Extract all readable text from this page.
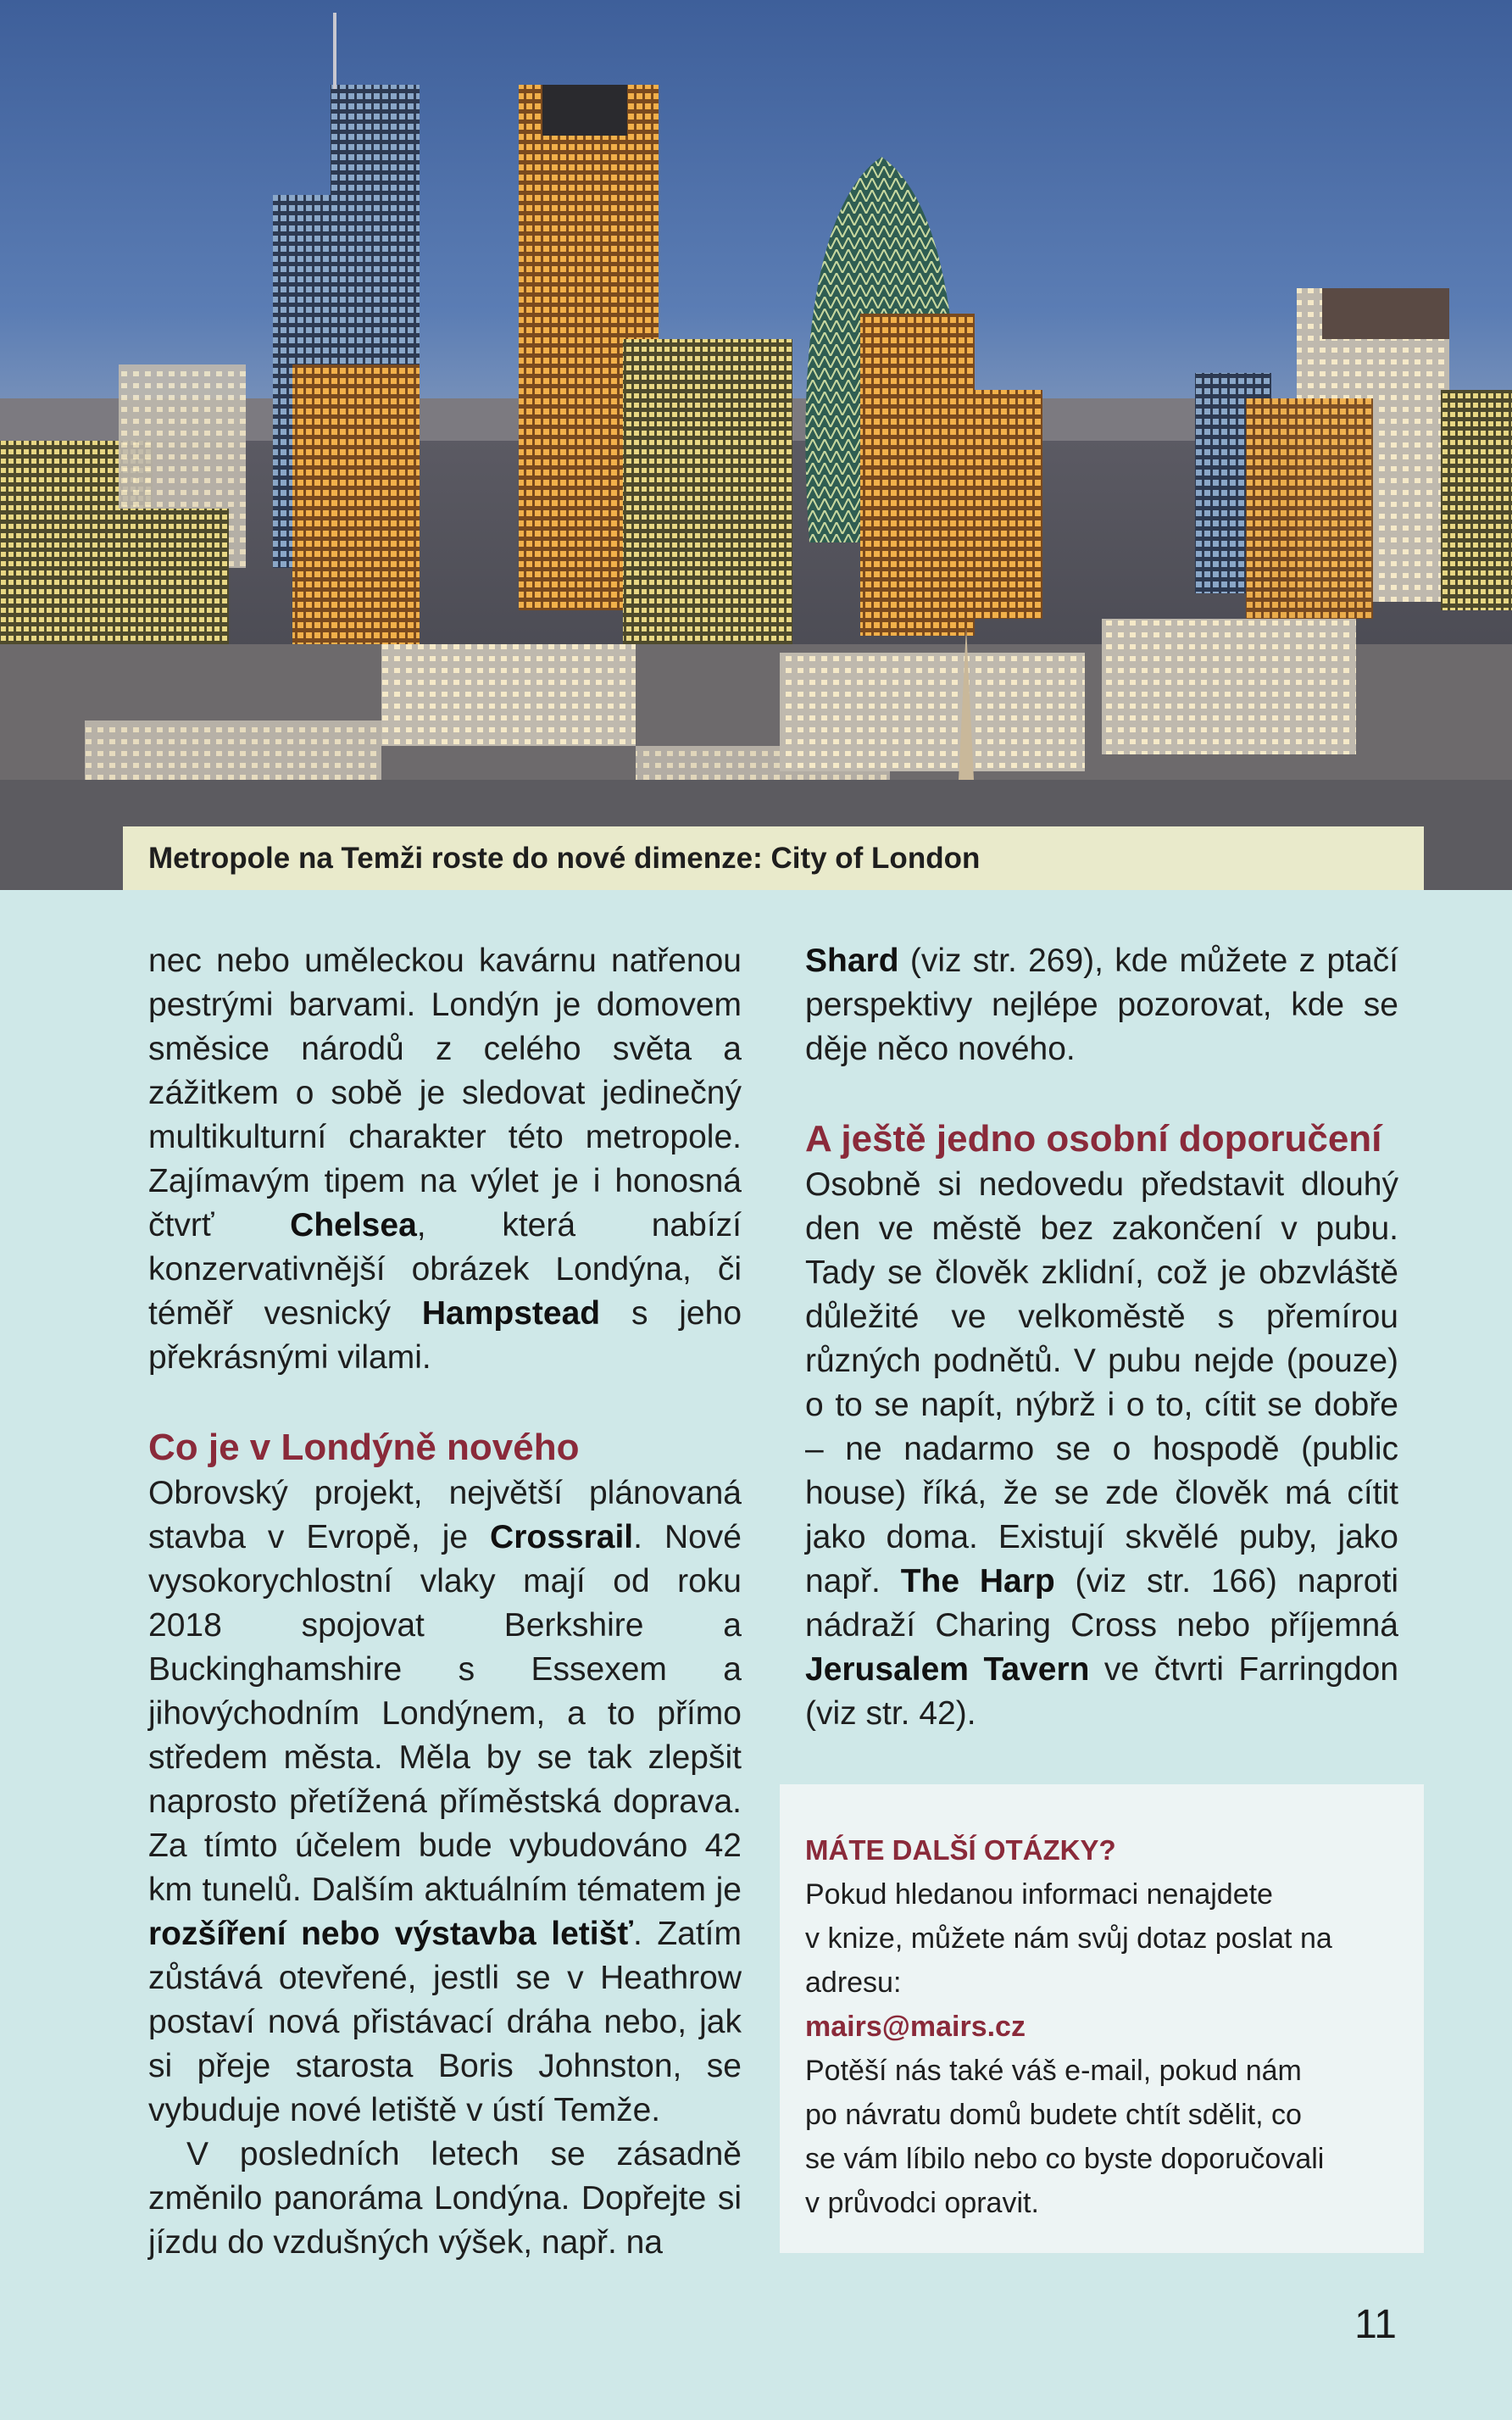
Metropole na Temži roste do nové dimenze: City of London

nec nebo uměleckou kavárnu natřenou pestrými barvami. Londýn je domovem směsice národů z celého světa a zážitkem o sobě je sledovat jedinečný multikulturní charakter této metropole. Zajímavým tipem na výlet je i honosná čtvrť Chelsea, která nabízí konzervativnější obrázek Londýna, či téměř vesnický Hampstead s jeho překrásnými vilami.

Co je v Londýně nového

Obrovský projekt, největší plánovaná stavba v Evropě, je Crossrail. Nové vysokorychlostní vlaky mají od roku 2018 spojovat Berkshire a Buckinghamshire s Essexem a jihovýchodním Londýnem, a to přímo středem města. Měla by se tak zlepšit naprosto přetížená příměstská doprava. Za tímto účelem bude vybudováno 42 km tunelů. Dalším aktuálním tématem je rozšíření nebo výstavba letišť. Zatím zůstává otevřené, jestli se v Heathrow postaví nová přistávací dráha nebo, jak si přeje starosta Boris Johnston, se vybuduje nové letiště v ústí Temže.

V posledních letech se zásadně změnilo panoráma Londýna. Dopřejte si jízdu do vzdušných výšek, např. na

Shard (viz str. 269), kde můžete z ptačí perspektivy nejlépe pozorovat, kde se děje něco nového.

A ještě jedno osobní doporučení

Osobně si nedovedu představit dlouhý den ve městě bez zakončení v pubu. Tady se člověk zklidní, což je obzvláště důležité ve velkoměstě s přemírou různých podnětů. V pubu nejde (pouze) o to se napít, nýbrž i o to, cítit se dobře – ne nadarmo se o hospodě (public house) říká, že se zde člověk má cítit jako doma. Existují skvělé puby, jako např. The Harp (viz str. 166) naproti nádraží Charing Cross nebo příjemná Jerusalem Tavern ve čtvrti Farringdon (viz str. 42).

MÁTE DALŠÍ OTÁZKY?

Pokud hledanou informaci nenajdete

v knize, můžete nám svůj dotaz poslat na

adresu:

mairs@mairs.cz

Potěší nás také váš e-mail, pokud nám

po návratu domů budete chtít sdělit, co

se vám líbilo nebo co byste doporučovali

v průvodci opravit.

11
